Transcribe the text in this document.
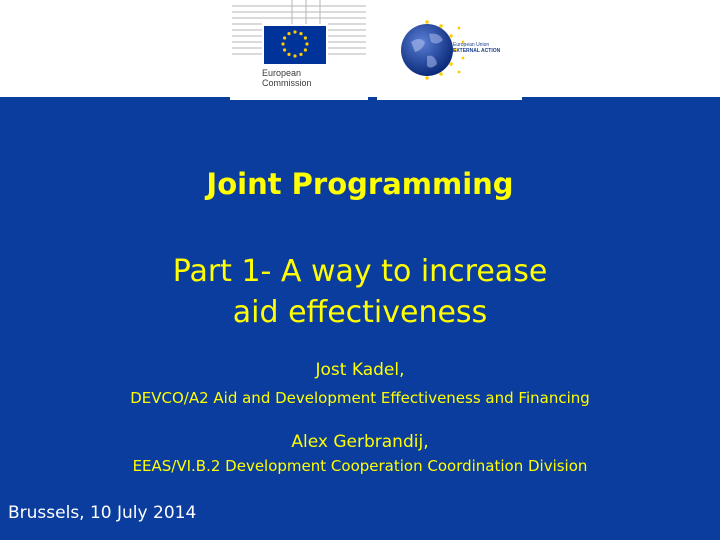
European
Commission
European Union
EXTERNAL ACTION
Joint Programming
Part 1- A way to increase
aid effectiveness
Jost Kadel,
DEVCO/A2 Aid and Development Effectiveness and Financing
Alex Gerbrandij,
EEAS/VI.B.2 Development Cooperation Coordination Division
Brussels, 10 July 2014
